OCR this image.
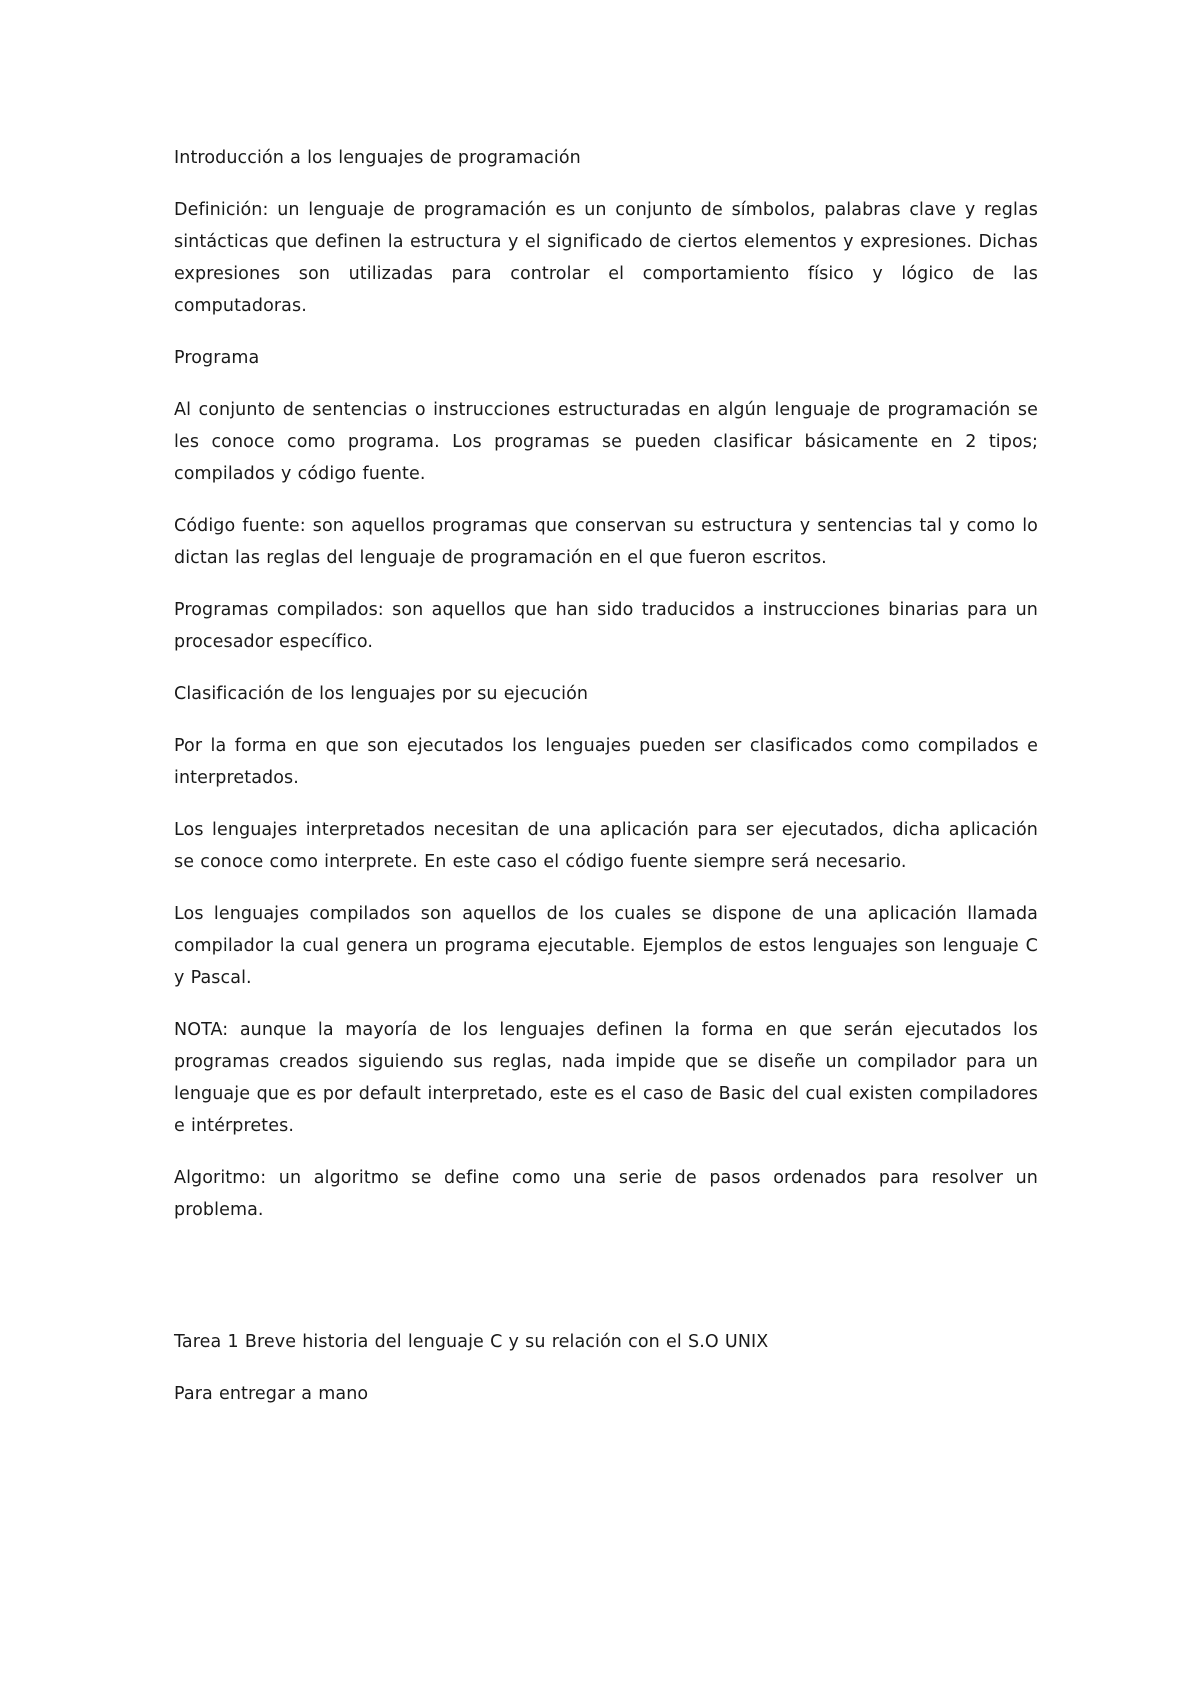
Introducción a los lenguajes de programación

Definición: un lenguaje de programación es un conjunto de símbolos, palabras clave y reglas sintácticas que definen la estructura y el significado de ciertos elementos y expresiones. Dichas expresiones son utilizadas para controlar el comportamiento físico y lógico de las computadoras.

Programa

Al conjunto de sentencias o instrucciones estructuradas en algún lenguaje de programación se les conoce como programa. Los programas se pueden clasificar básicamente en 2 tipos; compilados y código fuente.

Código fuente: son aquellos programas que conservan su estructura y sentencias tal y como lo dictan las reglas del lenguaje de programación en el que fueron escritos.

Programas compilados: son aquellos que han sido traducidos a instrucciones binarias para un procesador específico.

Clasificación de los lenguajes por su ejecución

Por la forma en que son ejecutados los lenguajes pueden ser clasificados como compilados e interpretados.

Los lenguajes interpretados necesitan de una aplicación para ser ejecutados, dicha aplicación se conoce como interprete. En este caso el código fuente siempre será necesario.

Los lenguajes compilados son aquellos de los cuales se dispone de una aplicación llamada compilador la cual genera un programa ejecutable. Ejemplos de estos lenguajes son lenguaje C y Pascal.

NOTA: aunque la mayoría de los lenguajes definen la forma en que serán ejecutados los programas creados siguiendo sus reglas, nada impide que se diseñe un compilador para un lenguaje que es por default interpretado, este es el caso de Basic del cual existen compiladores e intérpretes.

Algoritmo: un algoritmo se define como una serie de pasos ordenados para resolver un problema.

Tarea 1 Breve historia del lenguaje C y su relación con el S.O UNIX

Para entregar a mano
